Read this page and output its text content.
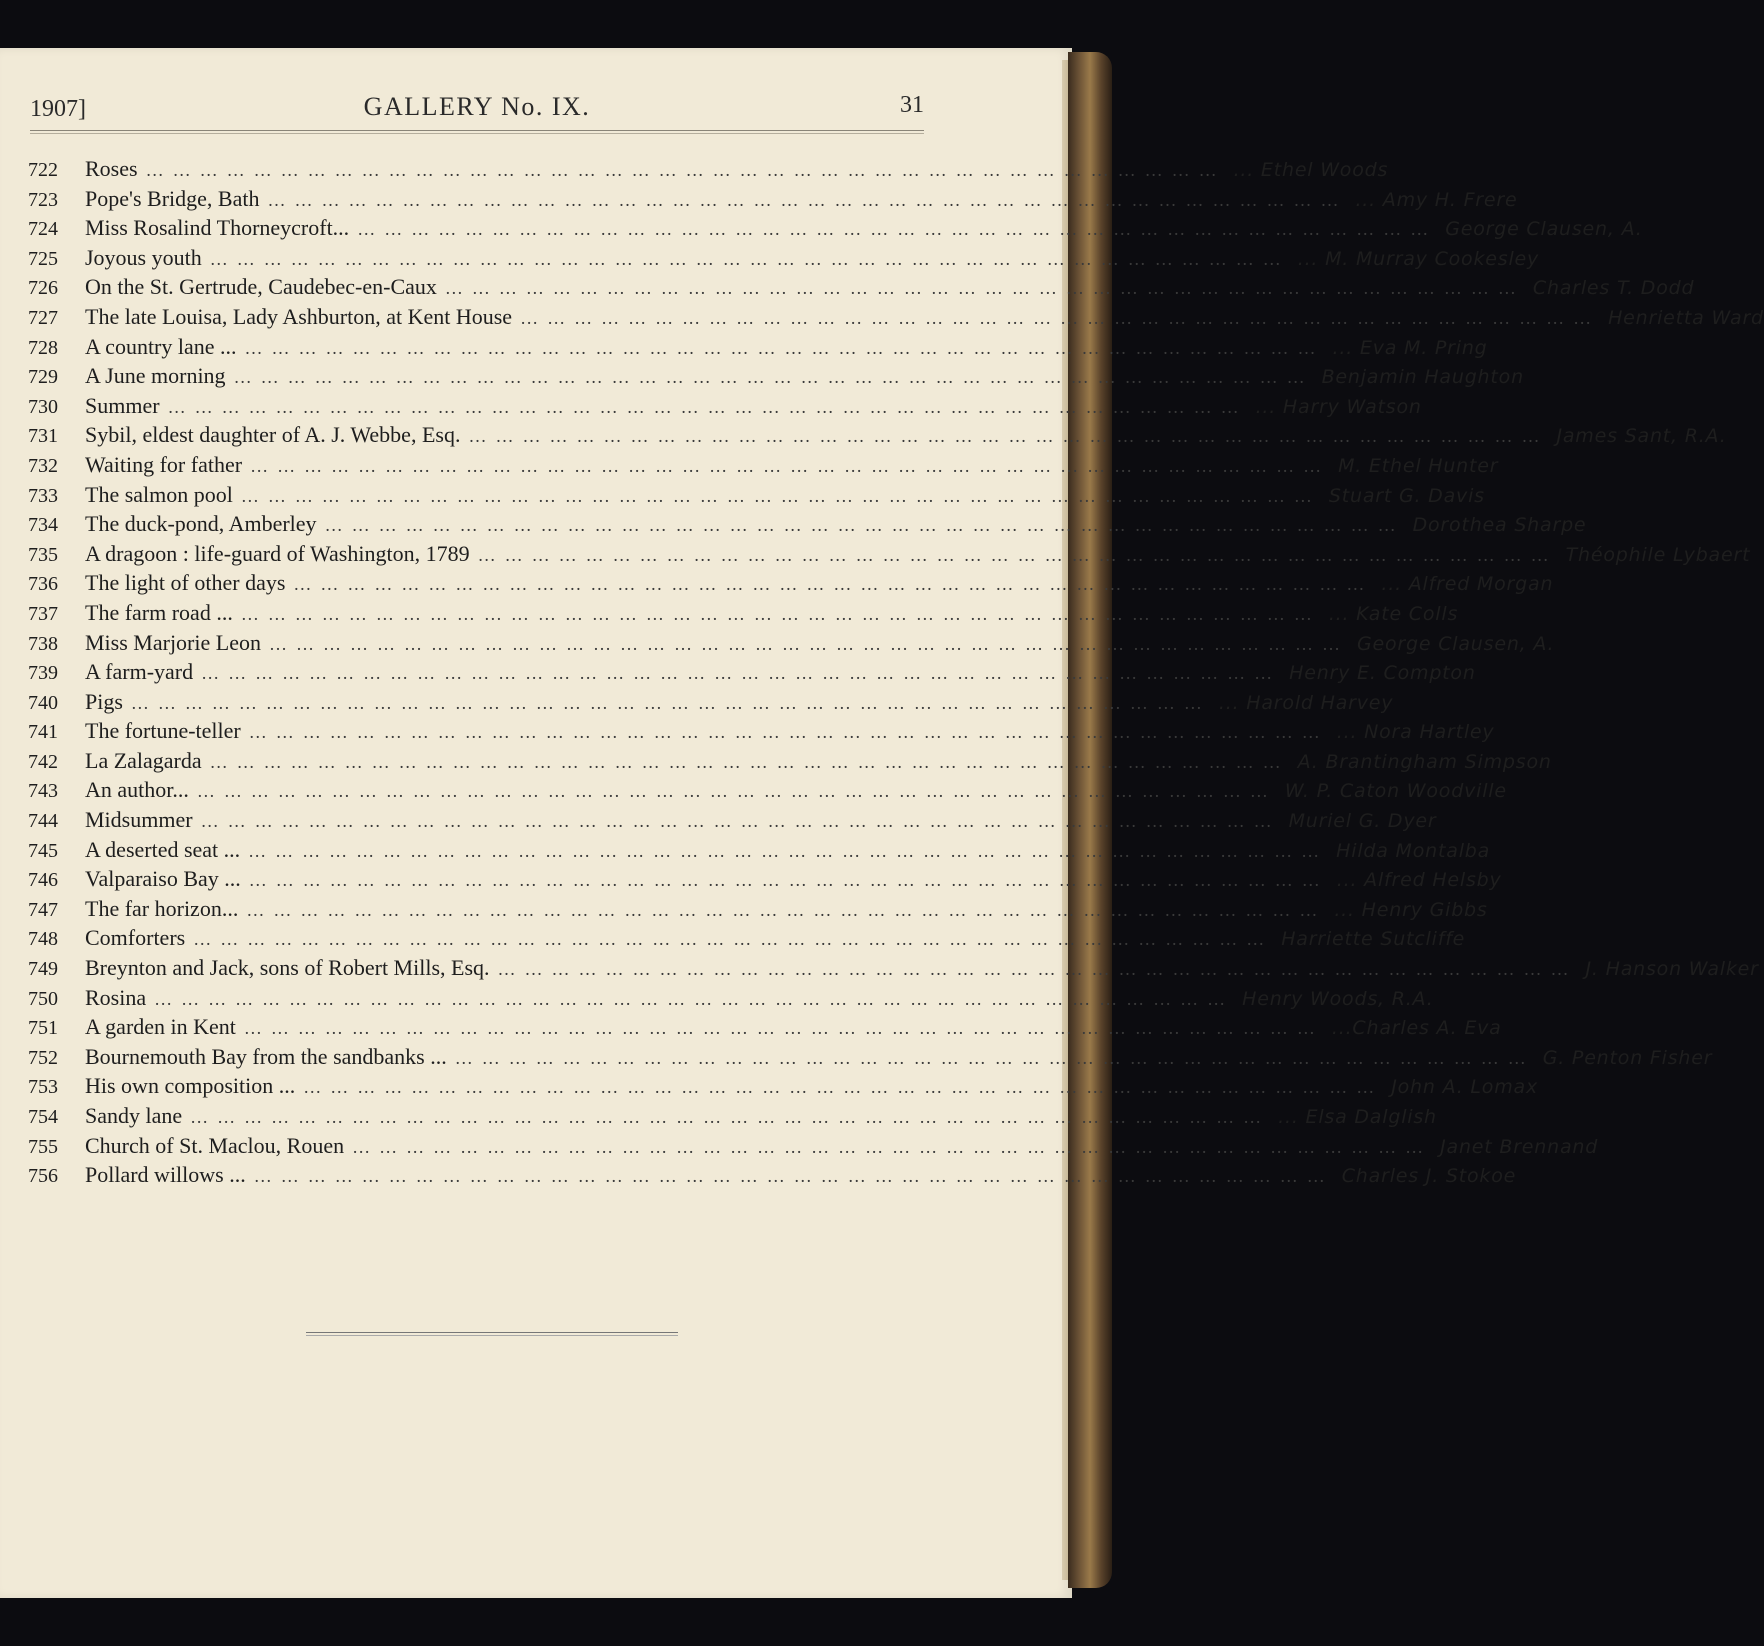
1907]	GALLERY No. IX.	31
722	Roses ………………………………………………………………………………………………………… ... Ethel Woods
723	Pope's Bridge, Bath ………………………………………………………………………………………………………… ... Amy H. Frere
724	Miss Rosalind Thorneycroft... ………………………………………………………………………………………………………… George Clausen, A.
725	Joyous youth ………………………………………………………………………………………………………… ... M. Murray Cookesley
726	On the St. Gertrude, Caudebec-en-Caux ………………………………………………………………………………………………………… Charles T. Dodd
727	The late Louisa, Lady Ashburton, at Kent House ………………………………………………………………………………………………………… Henrietta Ward
728	A country lane ... ………………………………………………………………………………………………………… ... Eva M. Pring
729	A June morning ………………………………………………………………………………………………………… Benjamin Haughton
730	Summer ………………………………………………………………………………………………………… ... Harry Watson
731	Sybil, eldest daughter of A. J. Webbe, Esq. ………………………………………………………………………………………………………… James Sant, R.A.
732	Waiting for father ………………………………………………………………………………………………………… M. Ethel Hunter
733	The salmon pool ………………………………………………………………………………………………………… Stuart G. Davis
734	The duck-pond, Amberley ………………………………………………………………………………………………………… Dorothea Sharpe
735	A dragoon : life-guard of Washington, 1789 ………………………………………………………………………………………………………… Théophile Lybaert
736	The light of other days ………………………………………………………………………………………………………… ... Alfred Morgan
737	The farm road ... ………………………………………………………………………………………………………… ... Kate Colls
738	Miss Marjorie Leon ………………………………………………………………………………………………………… George Clausen, A.
739	A farm-yard ………………………………………………………………………………………………………… Henry E. Compton
740	Pigs ………………………………………………………………………………………………………… ... Harold Harvey
741	The fortune-teller ………………………………………………………………………………………………………… ... Nora Hartley
742	La Zalagarda ………………………………………………………………………………………………………… A. Brantingham Simpson
743	An author... ………………………………………………………………………………………………………… W. P. Caton Woodville
744	Midsummer ………………………………………………………………………………………………………… Muriel G. Dyer
745	A deserted seat ... ………………………………………………………………………………………………………… Hilda Montalba
746	Valparaiso Bay ... ………………………………………………………………………………………………………… ... Alfred Helsby
747	The far horizon... ………………………………………………………………………………………………………… ... Henry Gibbs
748	Comforters ………………………………………………………………………………………………………… Harriette Sutcliffe
749	Breynton and Jack, sons of Robert Mills, Esq. ………………………………………………………………………………………………………… J. Hanson Walker
750	Rosina ………………………………………………………………………………………………………… Henry Woods, R.A.
751	A garden in Kent ………………………………………………………………………………………………………… ...Charles A. Eva
752	Bournemouth Bay from the sandbanks ... ………………………………………………………………………………………………………… G. Penton Fisher
753	His own composition ... ………………………………………………………………………………………………………… John A. Lomax
754	Sandy lane ………………………………………………………………………………………………………… ... Elsa Dalglish
755	Church of St. Maclou, Rouen ………………………………………………………………………………………………………… Janet Brennand
756	Pollard willows ... ………………………………………………………………………………………………………… Charles J. Stokoe
